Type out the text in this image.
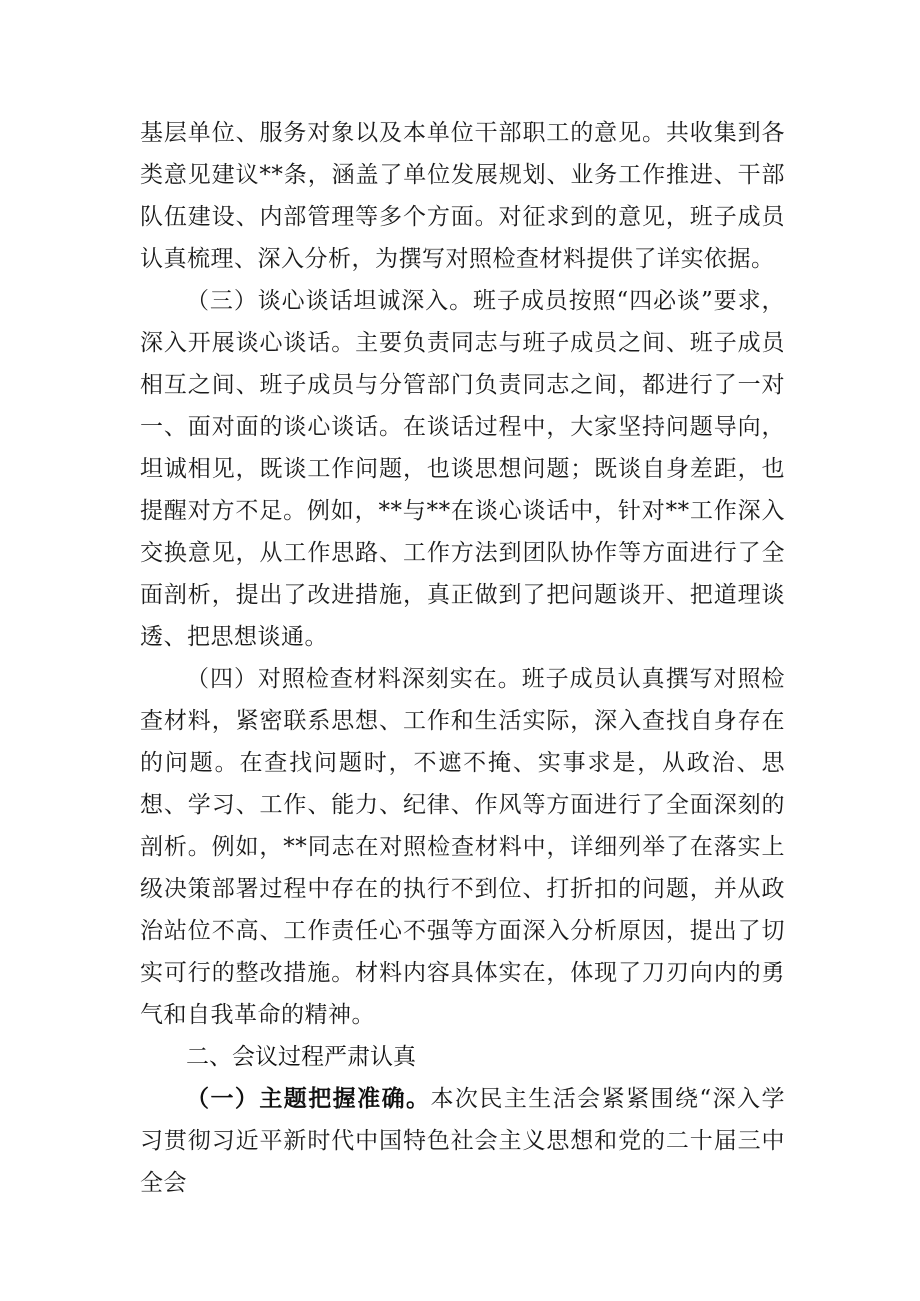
基层单位、服务对象以及本单位干部职工的意见。共收集到各类意见建议**条，涵盖了单位发展规划、业务工作推进、干部队伍建设、内部管理等多个方面。对征求到的意见，班子成员认真梳理、深入分析，为撰写对照检查材料提供了详实依据。

（三）谈心谈话坦诚深入。班子成员按照“四必谈”要求，深入开展谈心谈话。主要负责同志与班子成员之间、班子成员相互之间、班子成员与分管部门负责同志之间，都进行了一对一、面对面的谈心谈话。在谈话过程中，大家坚持问题导向，坦诚相见，既谈工作问题，也谈思想问题；既谈自身差距，也提醒对方不足。例如，**与**在谈心谈话中，针对**工作深入交换意见，从工作思路、工作方法到团队协作等方面进行了全面剖析，提出了改进措施，真正做到了把问题谈开、把道理谈透、把思想谈通。

（四）对照检查材料深刻实在。班子成员认真撰写对照检查材料，紧密联系思想、工作和生活实际，深入查找自身存在的问题。在查找问题时，不遮不掩、实事求是，从政治、思想、学习、工作、能力、纪律、作风等方面进行了全面深刻的剖析。例如，**同志在对照检查材料中，详细列举了在落实上级决策部署过程中存在的执行不到位、打折扣的问题，并从政治站位不高、工作责任心不强等方面深入分析原因，提出了切实可行的整改措施。材料内容具体实在，体现了刀刃向内的勇气和自我革命的精神。

二、会议过程严肃认真

（一）主题把握准确。本次民主生活会紧紧围绕“深入学习贯彻习近平新时代中国特色社会主义思想和党的二十届三中全会
